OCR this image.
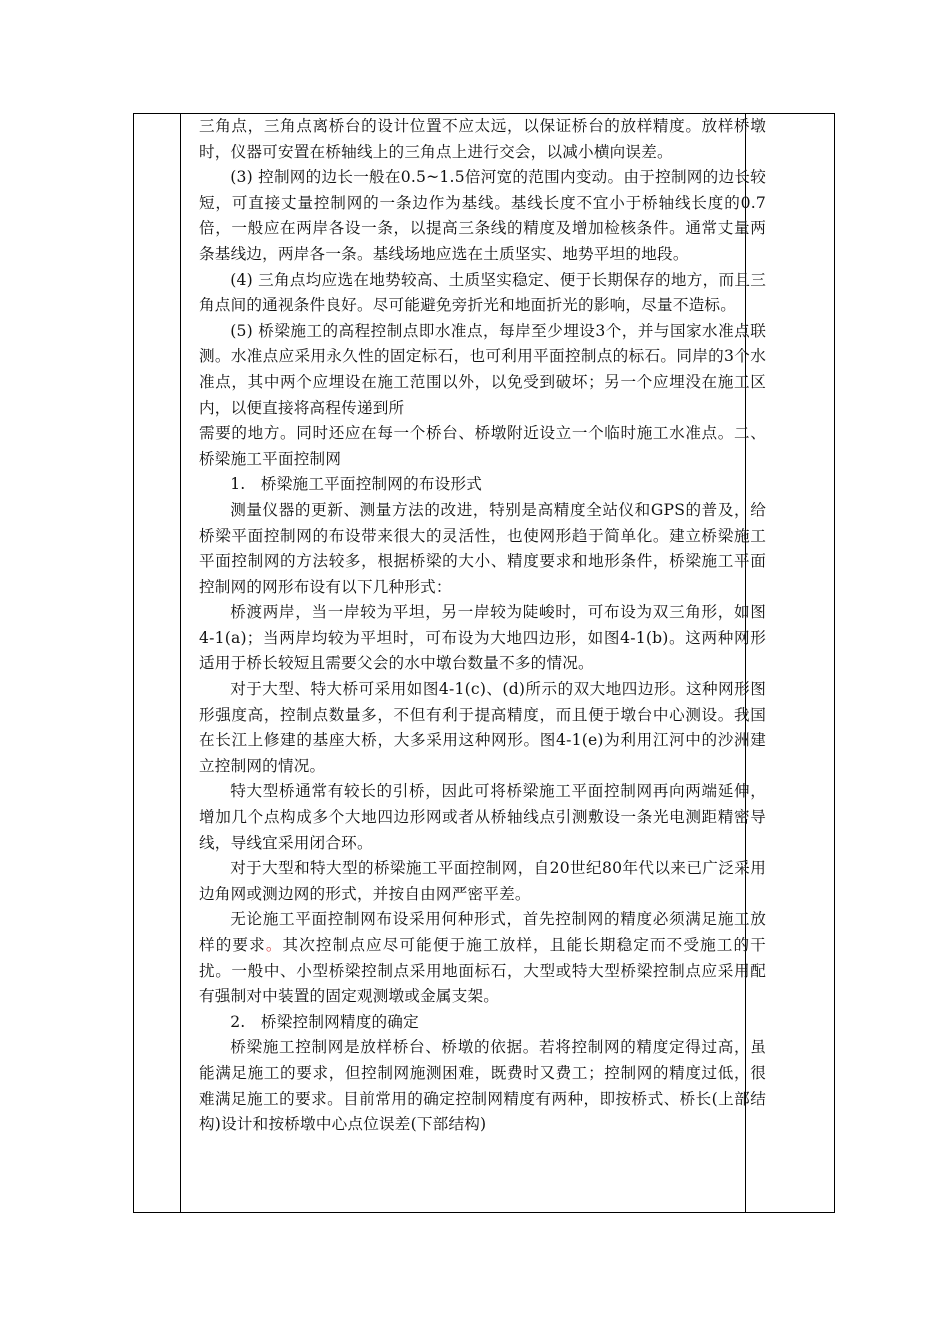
三角点，三角点离桥台的设计位置不应太远，以保证桥台的放样精度。放样桥墩时，仪器可安置在桥轴线上的三角点上进行交会，以减小横向误差。

(3) 控制网的边长一般在0.5~1.5倍河宽的范围内变动。由于控制网的边长较短，可直接丈量控制网的一条边作为基线。基线长度不宜小于桥轴线长度的0.7倍，一般应在两岸各设一条，以提高三条线的精度及增加检核条件。通常丈量两条基线边，两岸各一条。基线场地应选在土质坚实、地势平坦的地段。

(4) 三角点均应选在地势较高、土质坚实稳定、便于长期保存的地方，而且三角点间的通视条件良好。尽可能避免旁折光和地面折光的影响，尽量不造标。

(5) 桥梁施工的高程控制点即水准点，每岸至少埋设3个，并与国家水准点联测。水准点应采用永久性的固定标石，也可利用平面控制点的标石。同岸的3个水准点，其中两个应埋设在施工范围以外，以免受到破坏；另一个应埋没在施工区内，以便直接将高程传递到所

需要的地方。同时还应在每一个桥台、桥墩附近设立一个临时施工水准点。二、桥梁施工平面控制网

1.   桥梁施工平面控制网的布设形式

测量仪器的更新、测量方法的改进，特别是高精度全站仪和GPS的普及，给桥梁平面控制网的布设带来很大的灵活性，也使网形趋于简单化。建立桥梁施工平面控制网的方法较多，根据桥梁的大小、精度要求和地形条件，桥梁施工平面控制网的网形布设有以下几种形式：

桥渡两岸，当一岸较为平坦，另一岸较为陡峻时，可布设为双三角形，如图4-1(a)；当两岸均较为平坦时，可布设为大地四边形，如图4-1(b)。这两种网形适用于桥长较短且需要父会的水中墩台数量不多的情况。

对于大型、特大桥可采用如图4-1(c)、(d)所示的双大地四边形。这种网形图形强度高，控制点数量多，不但有利于提高精度，而且便于墩台中心测设。我国在长江上修建的基座大桥，大多采用这种网形。图4-1(e)为利用江河中的沙洲建立控制网的情况。

特大型桥通常有较长的引桥，因此可将桥梁施工平面控制网再向两端延伸，增加几个点构成多个大地四边形网或者从桥轴线点引测敷设一条光电测距精密导线，导线宜采用闭合环。

对于大型和特大型的桥梁施工平面控制网，自20世纪80年代以来已广泛采用边角网或测边网的形式，并按自由网严密平差。

无论施工平面控制网布设采用何种形式，首先控制网的精度必须满足施工放样的要求。其次控制点应尽可能便于施工放样，且能长期稳定而不受施工的干扰。一般中、小型桥梁控制点采用地面标石，大型或特大型桥梁控制点应采用配有强制对中装置的固定观测墩或金属支架。

2.   桥梁控制网精度的确定

桥梁施工控制网是放样桥台、桥墩的依据。若将控制网的精度定得过高，虽能满足施工的要求，但控制网施测困难，既费时又费工；控制网的精度过低，很难满足施工的要求。目前常用的确定控制网精度有两种，即按桥式、桥长(上部结构)设计和按桥墩中心点位误差(下部结构)
